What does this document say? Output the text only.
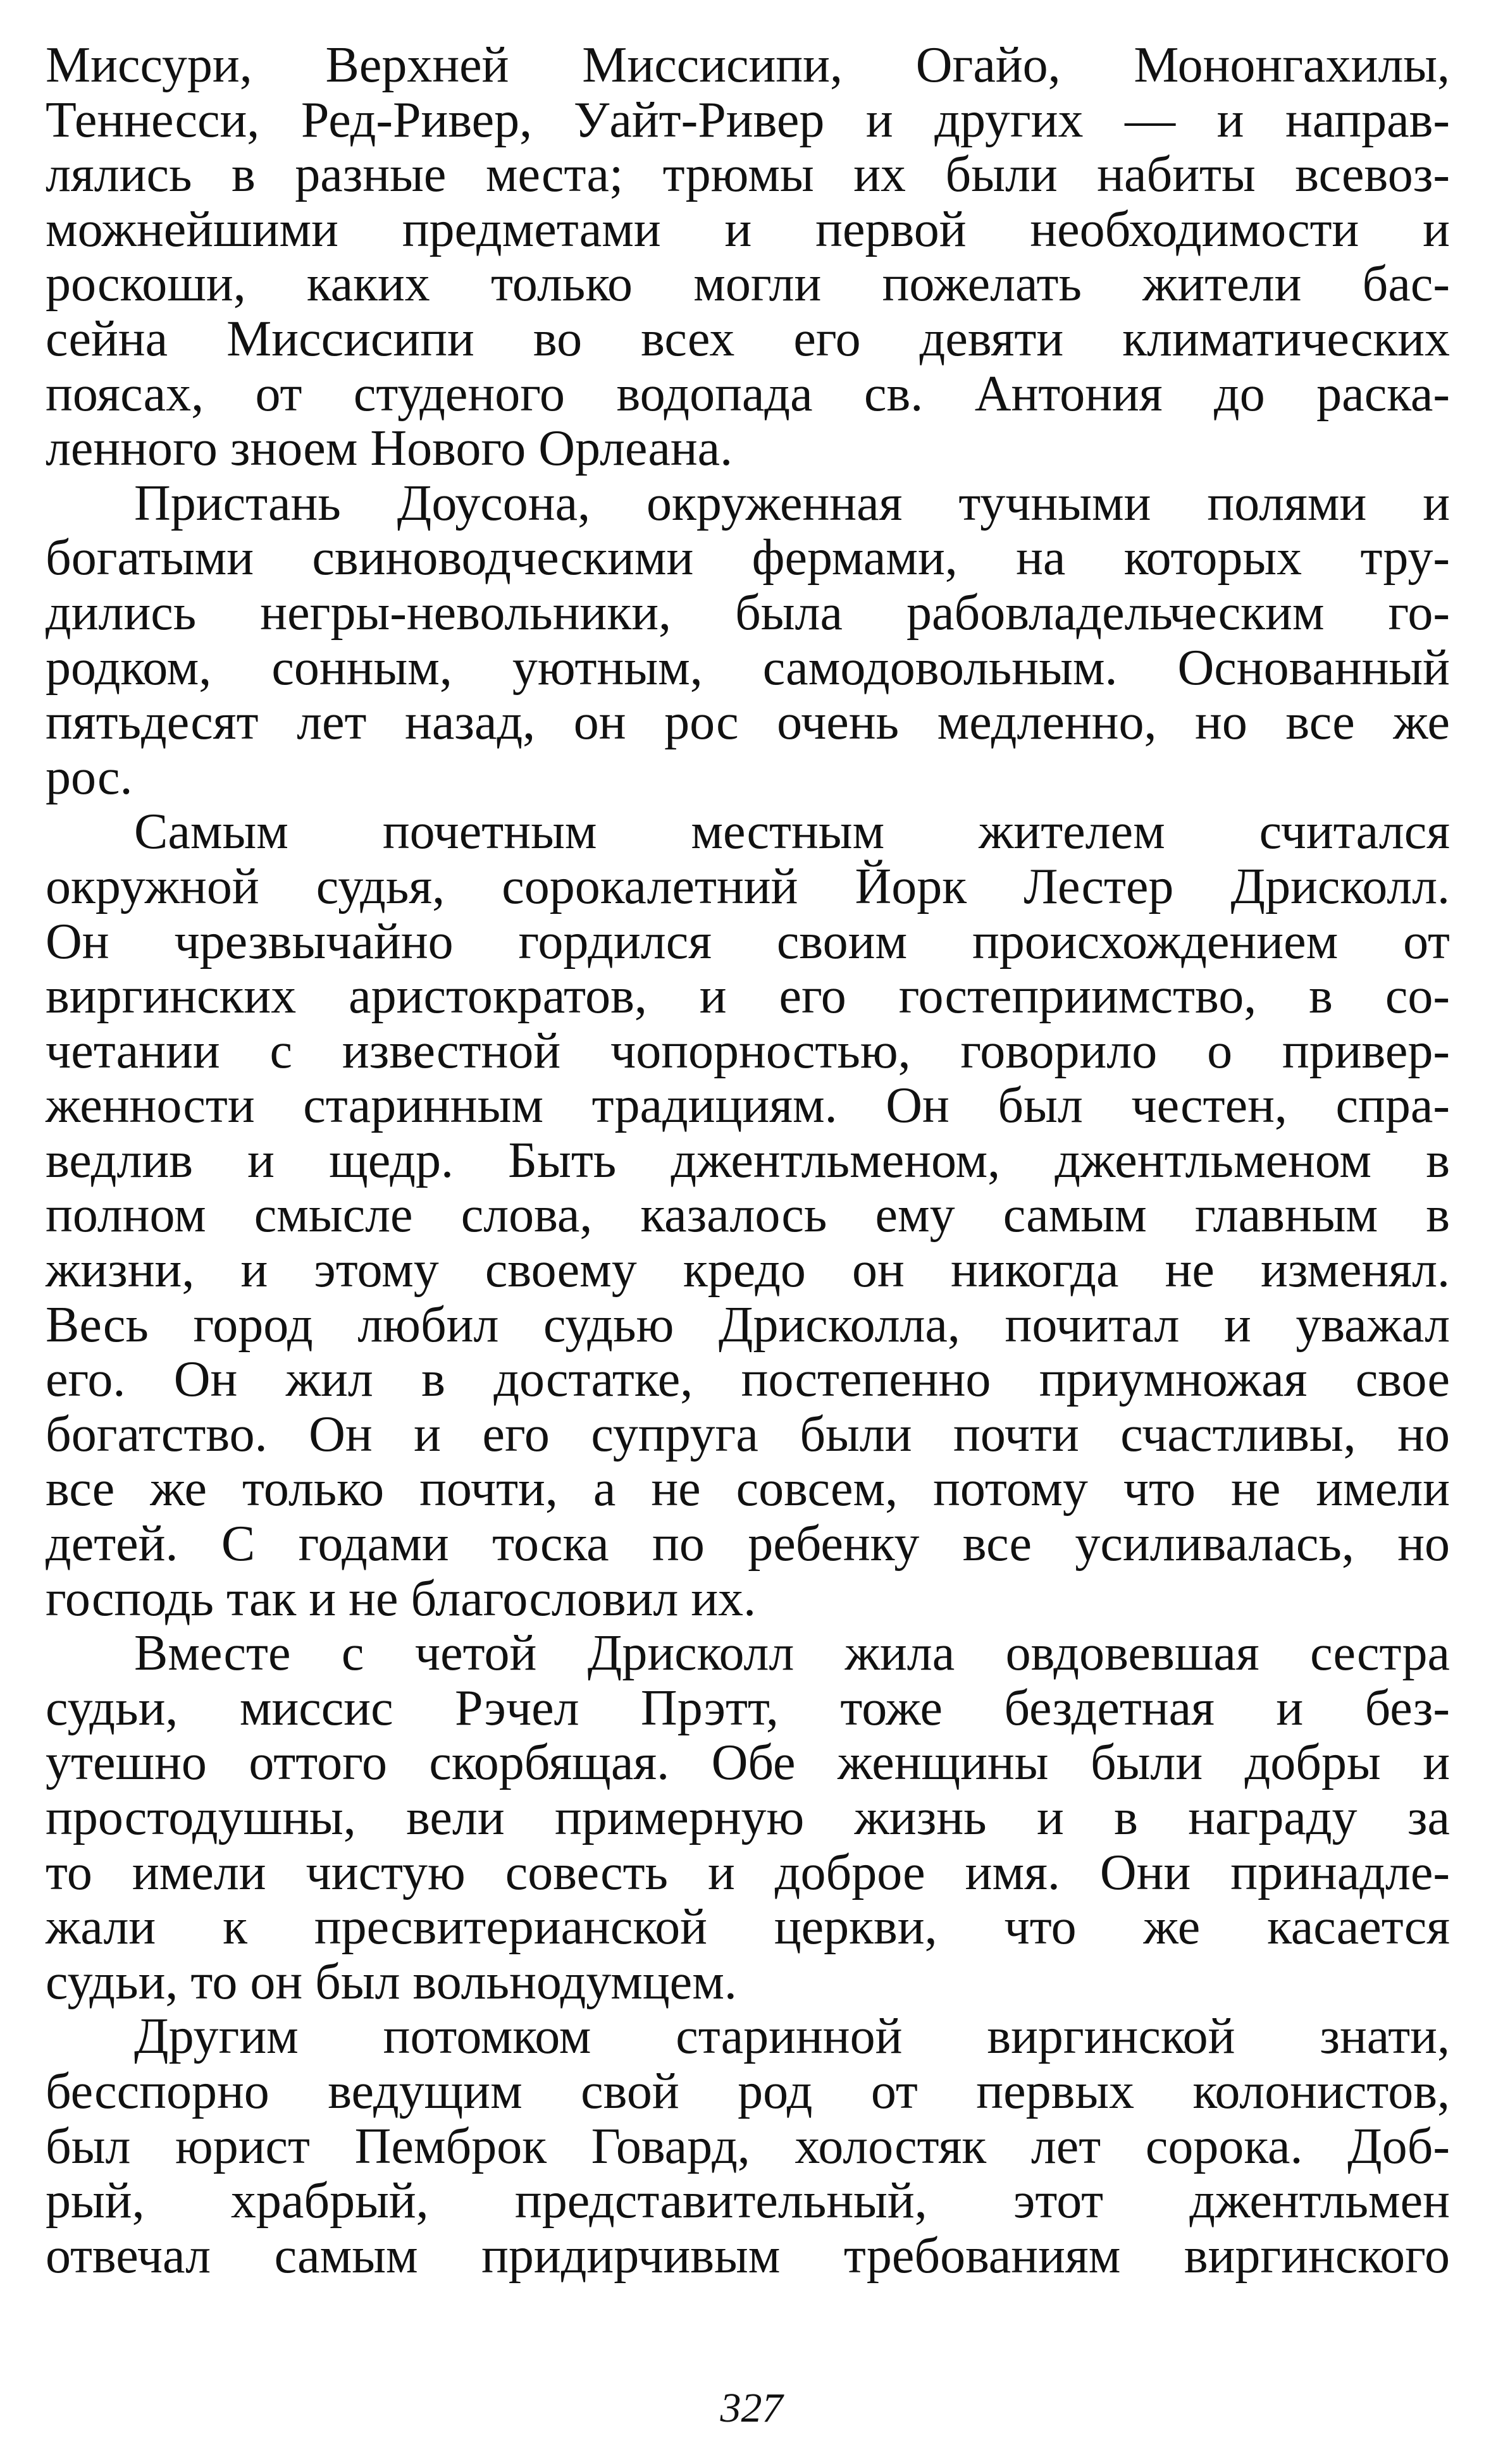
Миссури, Верхней Миссисипи, Огайо, Мононгахилы,

Теннесси, Ред-Ривер, Уайт-Ривер и других — и направ-

лялись в разные места; трюмы их были набиты всевоз-

можнейшими предметами и первой необходимости и

роскоши, каких только могли пожелать жители бас-

сейна Миссисипи во всех его девяти климатических

поясах, от студеного водопада св. Антония до раска-

ленного зноем Нового Орлеана.

Пристань Доусона, окруженная тучными полями и

богатыми свиноводческими фермами, на которых тру-

дились негры-невольники, была рабовладельческим го-

родком, сонным, уютным, самодовольным. Основанный

пятьдесят лет назад, он рос очень медленно, но все же

рос.

Самым почетным местным жителем считался

окружной судья, сорокалетний Йорк Лестер Дрисколл.

Он чрезвычайно гордился своим происхождением от

виргинских аристократов, и его гостеприимство, в со-

четании с известной чопорностью, говорило о привер-

женности старинным традициям. Он был честен, спра-

ведлив и щедр. Быть джентльменом, джентльменом в

полном смысле слова, казалось ему самым главным в

жизни, и этому своему кредо он никогда не изменял.

Весь город любил судью Дрисколла, почитал и уважал

его. Он жил в достатке, постепенно приумножая свое

богатство. Он и его супруга были почти счастливы, но

все же только почти, а не совсем, потому что не имели

детей. С годами тоска по ребенку все усиливалась, но

господь так и не благословил их.

Вместе с четой Дрисколл жила овдовевшая сестра

судьи, миссис Рэчел Прэтт, тоже бездетная и без-

утешно оттого скорбящая. Обе женщины были добры и

простодушны, вели примерную жизнь и в награду за

то имели чистую совесть и доброе имя. Они принадле-

жали к пресвитерианской церкви, что же касается

судьи, то он был вольнодумцем.

Другим потомком старинной виргинской знати,

бесспорно ведущим свой род от первых колонистов,

был юрист Пемброк Говард, холостяк лет сорока. Доб-

рый, храбрый, представительный, этот джентльмен

отвечал самым придирчивым требованиям виргинского

327
